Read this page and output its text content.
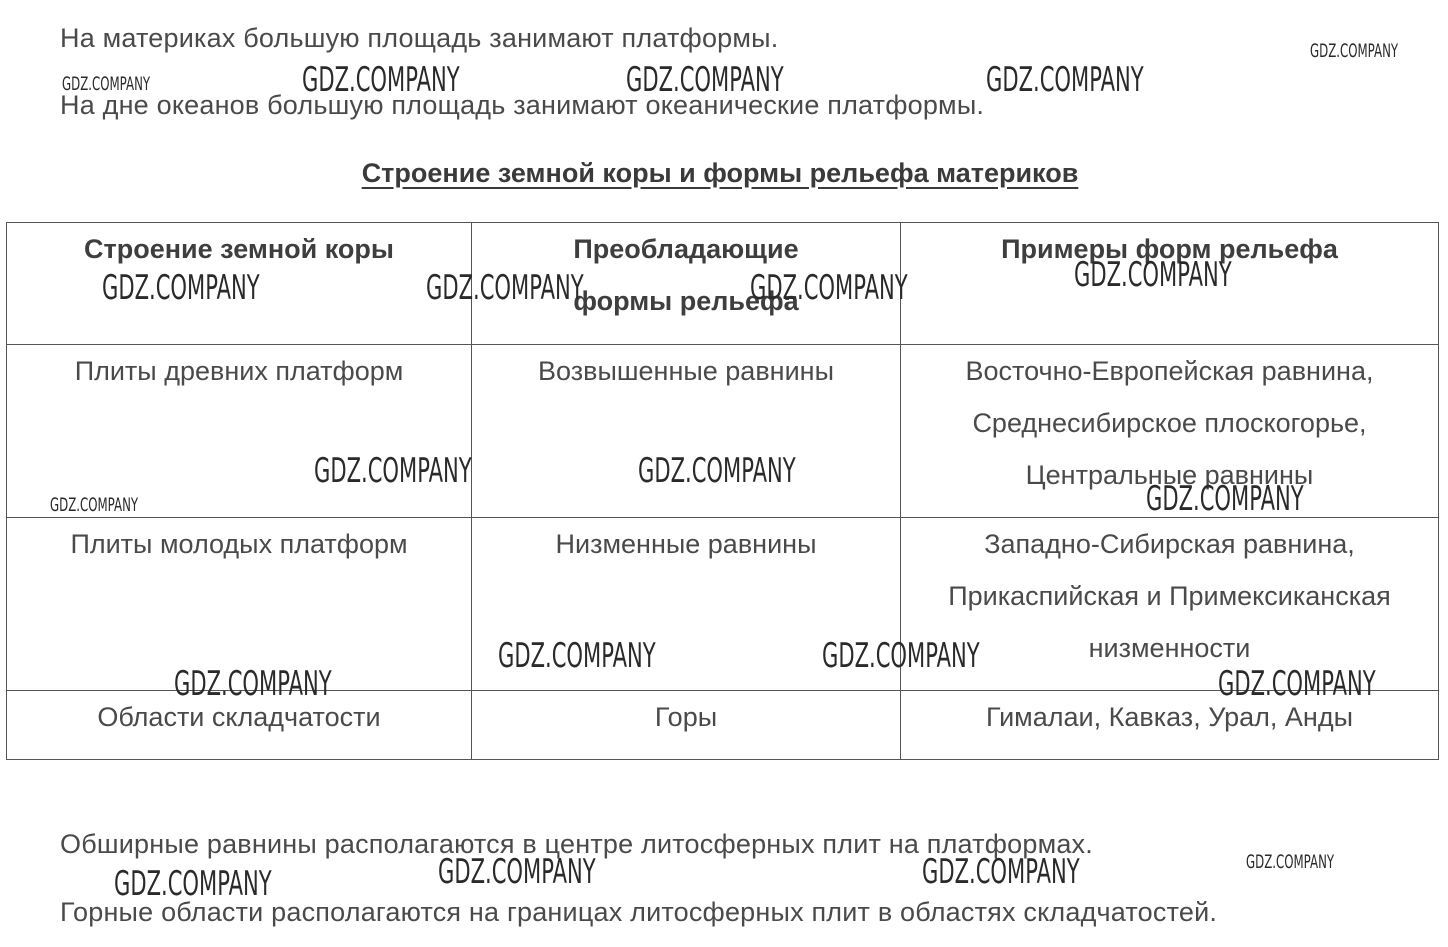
На материках большую площадь занимают платформы.
На дне океанов большую площадь занимают океанические платформы.
Строение земной коры и формы рельефа материков
Строение земной коры	Преобладающие формы рельефа	Примеры форм рельефа
Плиты древних платформ	Возвышенные равнины	Восточно-Европейская равнина, Среднесибирское плоскогорье, Центральные равнины
Плиты молодых платформ	Низменные равнины	Западно-Сибирская равнина, Прикаспийская и Примексиканская низменности
Области складчатости	Горы	Гималаи, Кавказ, Урал, Анды
Обширные равнины располагаются в центре литосферных плит на платформах.
Горные области располагаются на границах литосферных плит в областях складчатостей.
GDZ.COMPANY
GDZ.COMPANY	GDZ.COMPANY	GDZ.COMPANY	GDZ.COMPANY
GDZ.COMPANY	GDZ.COMPANY	GDZ.COMPANY	GDZ.COMPANY
GDZ.COMPANY	GDZ.COMPANY
GDZ.COMPANY
GDZ.COMPANY
GDZ.COMPANY	GDZ.COMPANY
GDZ.COMPANY	GDZ.COMPANY
GDZ.COMPANY	GDZ.COMPANY
GDZ.COMPANY
GDZ.COMPANY
